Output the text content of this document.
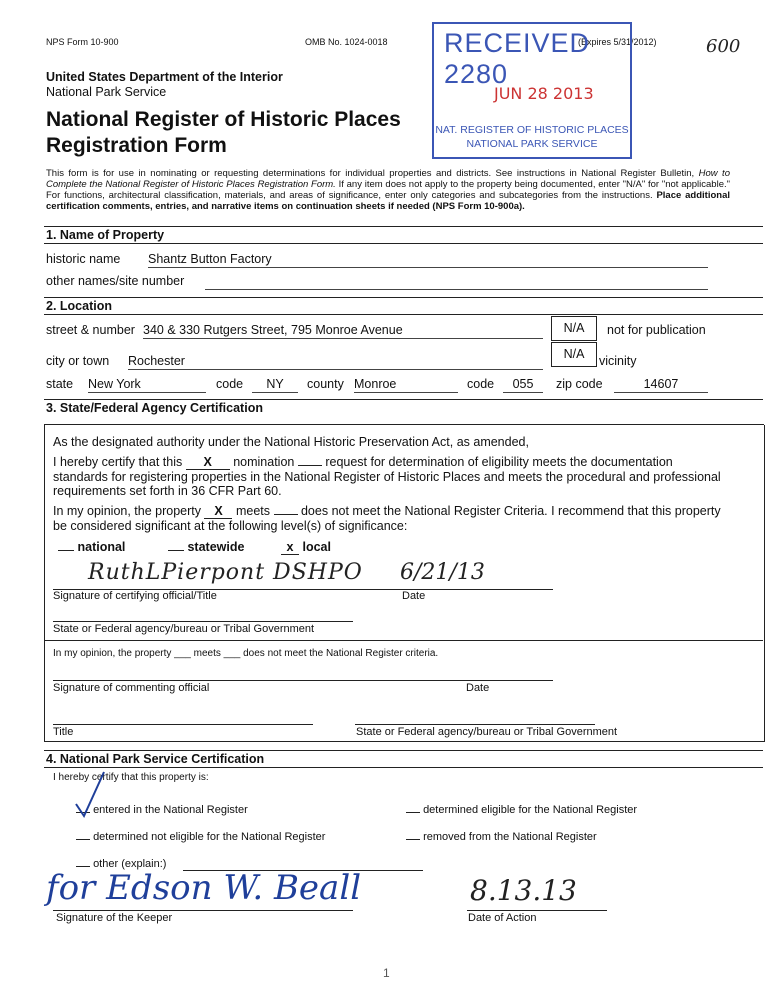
NPS Form 10-900	OMB No. 1024-0018	(Expires 5/31/2012)	600
United States Department of the Interior
National Park Service
National Register of Historic Places
Registration Form
RECEIVED 2280
JUN 28 2013
NAT. REGISTER OF HISTORIC PLACES
NATIONAL PARK SERVICE
This form is for use in nominating or requesting determinations for individual properties and districts. See instructions in National Register Bulletin, How to Complete the National Register of Historic Places Registration Form. If any item does not apply to the property being documented, enter "N/A" for "not applicable." For functions, architectural classification, materials, and areas of significance, enter only categories and subcategories from the instructions. Place additional certification comments, entries, and narrative items on continuation sheets if needed (NPS Form 10-900a).
1. Name of Property
historic name Shantz Button Factory
other names/site number
2. Location
street & number 340 & 330 Rutgers Street, 795 Monroe Avenue	N/A	not for publication
city or town Rochester	N/A	vicinity
state New York	code	NY	county Monroe	code	055	zip code	14607
3. State/Federal Agency Certification
As the designated authority under the National Historic Preservation Act, as amended,
I hereby certify that this X nomination request for determination of eligibility meets the documentation standards for registering properties in the National Register of Historic Places and meets the procedural and professional requirements set forth in 36 CFR Part 60.
In my opinion, the property X meets does not meet the National Register Criteria. I recommend that this property be considered significant at the following level(s) of significance:
national	statewide	x local
RuthLPierpont DSHPO 6/21/13
Signature of certifying official/Title	Date
State or Federal agency/bureau or Tribal Government
In my opinion, the property ___ meets ___ does not meet the National Register criteria.
Signature of commenting official	Date
Title	State or Federal agency/bureau or Tribal Government
4. National Park Service Certification
I hereby certify that this property is:
entered in the National Register	determined eligible for the National Register
determined not eligible for the National Register	removed from the National Register
other (explain:)
for Edson W. Beall	8.13.13
Signature of the Keeper	Date of Action
1
